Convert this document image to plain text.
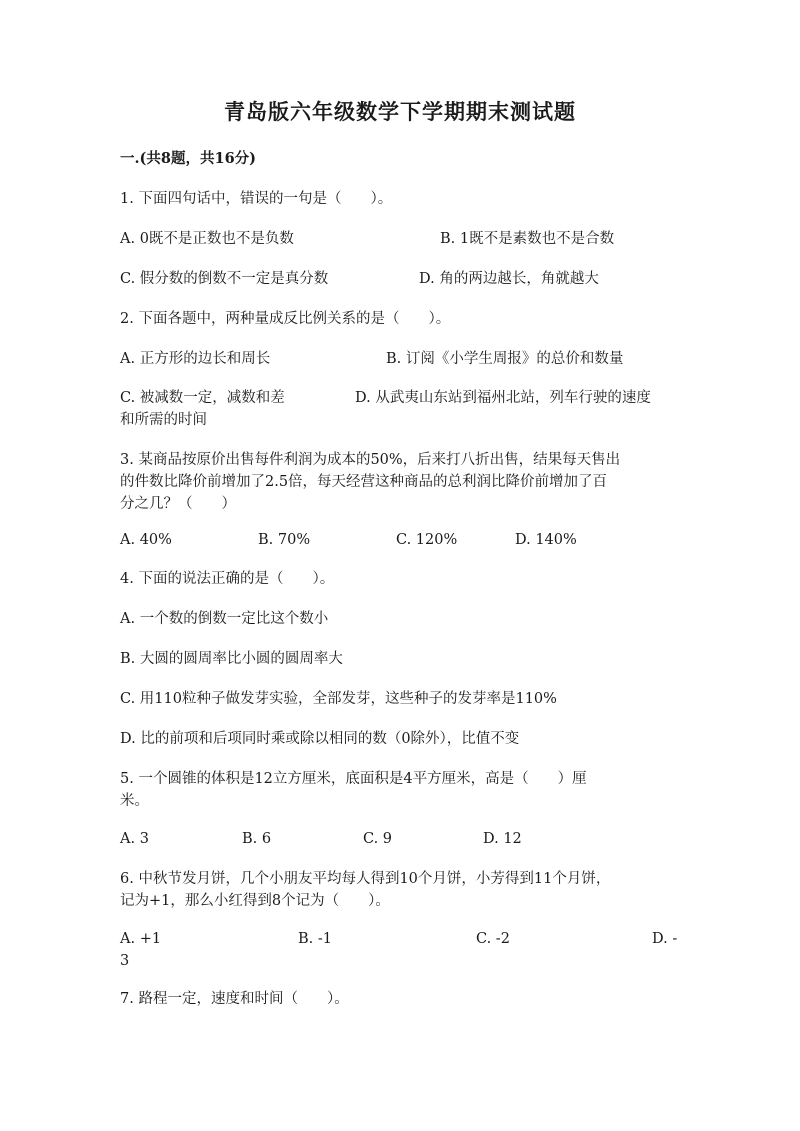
青岛版六年级数学下学期期末测试题
一.(共8题，共16分)
1. 下面四句话中，错误的一句是（　　）。
A. 0既不是正数也不是负数	B. 1既不是素数也不是合数
C. 假分数的倒数不一定是真分数	D. 角的两边越长，角就越大
2. 下面各题中，两种量成反比例关系的是（　　）。
A. 正方形的边长和周长	B. 订阅《小学生周报》的总价和数量
C. 被减数一定，减数和差	D. 从武夷山东站到福州北站，列车行驶的速度
和所需的时间
3. 某商品按原价出售每件利润为成本的50%，后来打八折出售，结果每天售出
的件数比降价前增加了2.5倍，每天经营这种商品的总利润比降价前增加了百
分之几？（　　）
A. 40%	B. 70%	C. 120%	D. 140%
4. 下面的说法正确的是（　　）。
A. 一个数的倒数一定比这个数小
B. 大圆的圆周率比小圆的圆周率大
C. 用110粒种子做发芽实验，全部发芽，这些种子的发芽率是110%
D. 比的前项和后项同时乘或除以相同的数（0除外），比值不变
5. 一个圆锥的体积是12立方厘米，底面积是4平方厘米，高是（　　）厘
米。
A. 3	B. 6	C. 9	D. 12
6. 中秋节发月饼，几个小朋友平均每人得到10个月饼，小芳得到11个月饼，
记为+1，那么小红得到8个记为（　　）。
A. +1	B. -1	C. -2	D. -
3
7. 路程一定，速度和时间（　　）。
